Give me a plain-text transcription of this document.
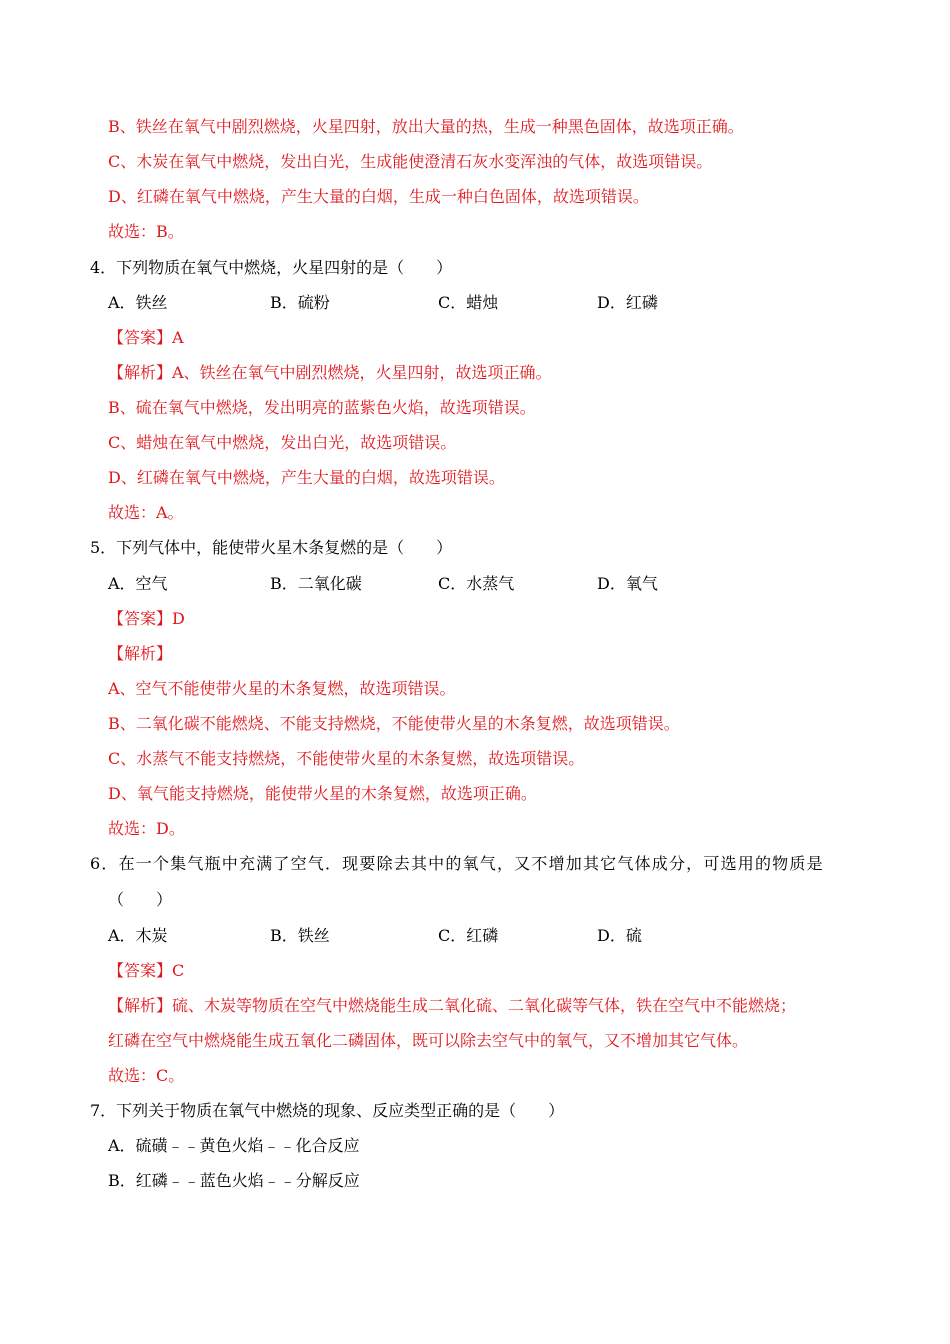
B、铁丝在氧气中剧烈燃烧，火星四射，放出大量的热，生成一种黑色固体，故选项正确。
C、木炭在氧气中燃烧，发出白光，生成能使澄清石灰水变浑浊的气体，故选项错误。
D、红磷在氧气中燃烧，产生大量的白烟，生成一种白色固体，故选项错误。
故选：B。
4．下列物质在氧气中燃烧，火星四射的是（　　）
A．铁丝	B．硫粉	C．蜡烛	D．红磷
【答案】A
【解析】A、铁丝在氧气中剧烈燃烧，火星四射，故选项正确。
B、硫在氧气中燃烧，发出明亮的蓝紫色火焰，故选项错误。
C、蜡烛在氧气中燃烧，发出白光，故选项错误。
D、红磷在氧气中燃烧，产生大量的白烟，故选项错误。
故选：A。
5．下列气体中，能使带火星木条复燃的是（　　）
A．空气	B．二氧化碳	C．水蒸气	D．氧气
【答案】D
【解析】
A、空气不能使带火星的木条复燃，故选项错误。
B、二氧化碳不能燃烧、不能支持燃烧，不能使带火星的木条复燃，故选项错误。
C、水蒸气不能支持燃烧，不能使带火星的木条复燃，故选项错误。
D、氧气能支持燃烧，能使带火星的木条复燃，故选项正确。
故选：D。
6．在一个集气瓶中充满了空气．现要除去其中的氧气，又不增加其它气体成分，可选用的物质是
（　　）
A．木炭	B．铁丝	C．红磷	D．硫
【答案】C
【解析】硫、木炭等物质在空气中燃烧能生成二氧化硫、二氧化碳等气体，铁在空气中不能燃烧；
红磷在空气中燃烧能生成五氧化二磷固体，既可以除去空气中的氧气，又不增加其它气体。
故选：C。
7．下列关于物质在氧气中燃烧的现象、反应类型正确的是（　　）
A．硫磺﹣﹣黄色火焰﹣﹣化合反应
B．红磷﹣﹣蓝色火焰﹣﹣分解反应
